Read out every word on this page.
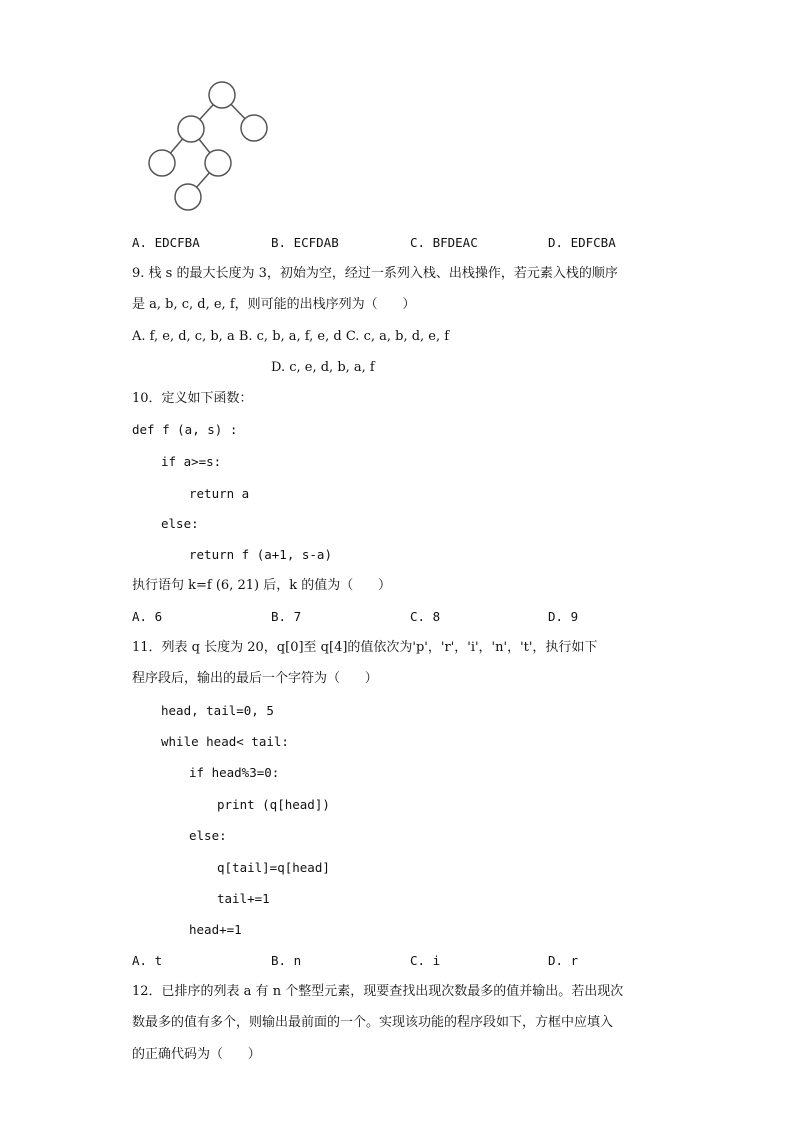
A. EDCFBA	B. ECFDAB	C. BFDEAC	D. EDFCBA
9. 栈 s 的最大长度为 3，初始为空，经过一系列入栈、出栈操作，若元素入栈的顺序
是 a, b, c, d, e, f，则可能的出栈序列为（      ）
A. f, e, d, c, b, a B. c, b, a, f, e, d C. c, a, b, d, e, f
D. c, e, d, b, a, f
10．定义如下函数：
def f (a, s) :
if a>=s:
return a
else:
return f (a+1, s-a)
执行语句 k=f (6, 21) 后，k 的值为（      ）
A. 6	B. 7	C. 8	D. 9
11．列表 q 长度为 20，q[0]至 q[4]的值依次为'p'，'r'，'i'，'n'，'t'，执行如下
程序段后，输出的最后一个字符为（      ）
head, tail=0, 5
while head< tail:
if head%3=0:
print (q[head])
else:
q[tail]=q[head]
tail+=1
head+=1
A. t	B. n	C. i	D. r
12．已排序的列表 a 有 n 个整型元素，现要查找出现次数最多的值并输出。若出现次
数最多的值有多个，则输出最前面的一个。实现该功能的程序段如下，方框中应填入
的正确代码为（      ）
